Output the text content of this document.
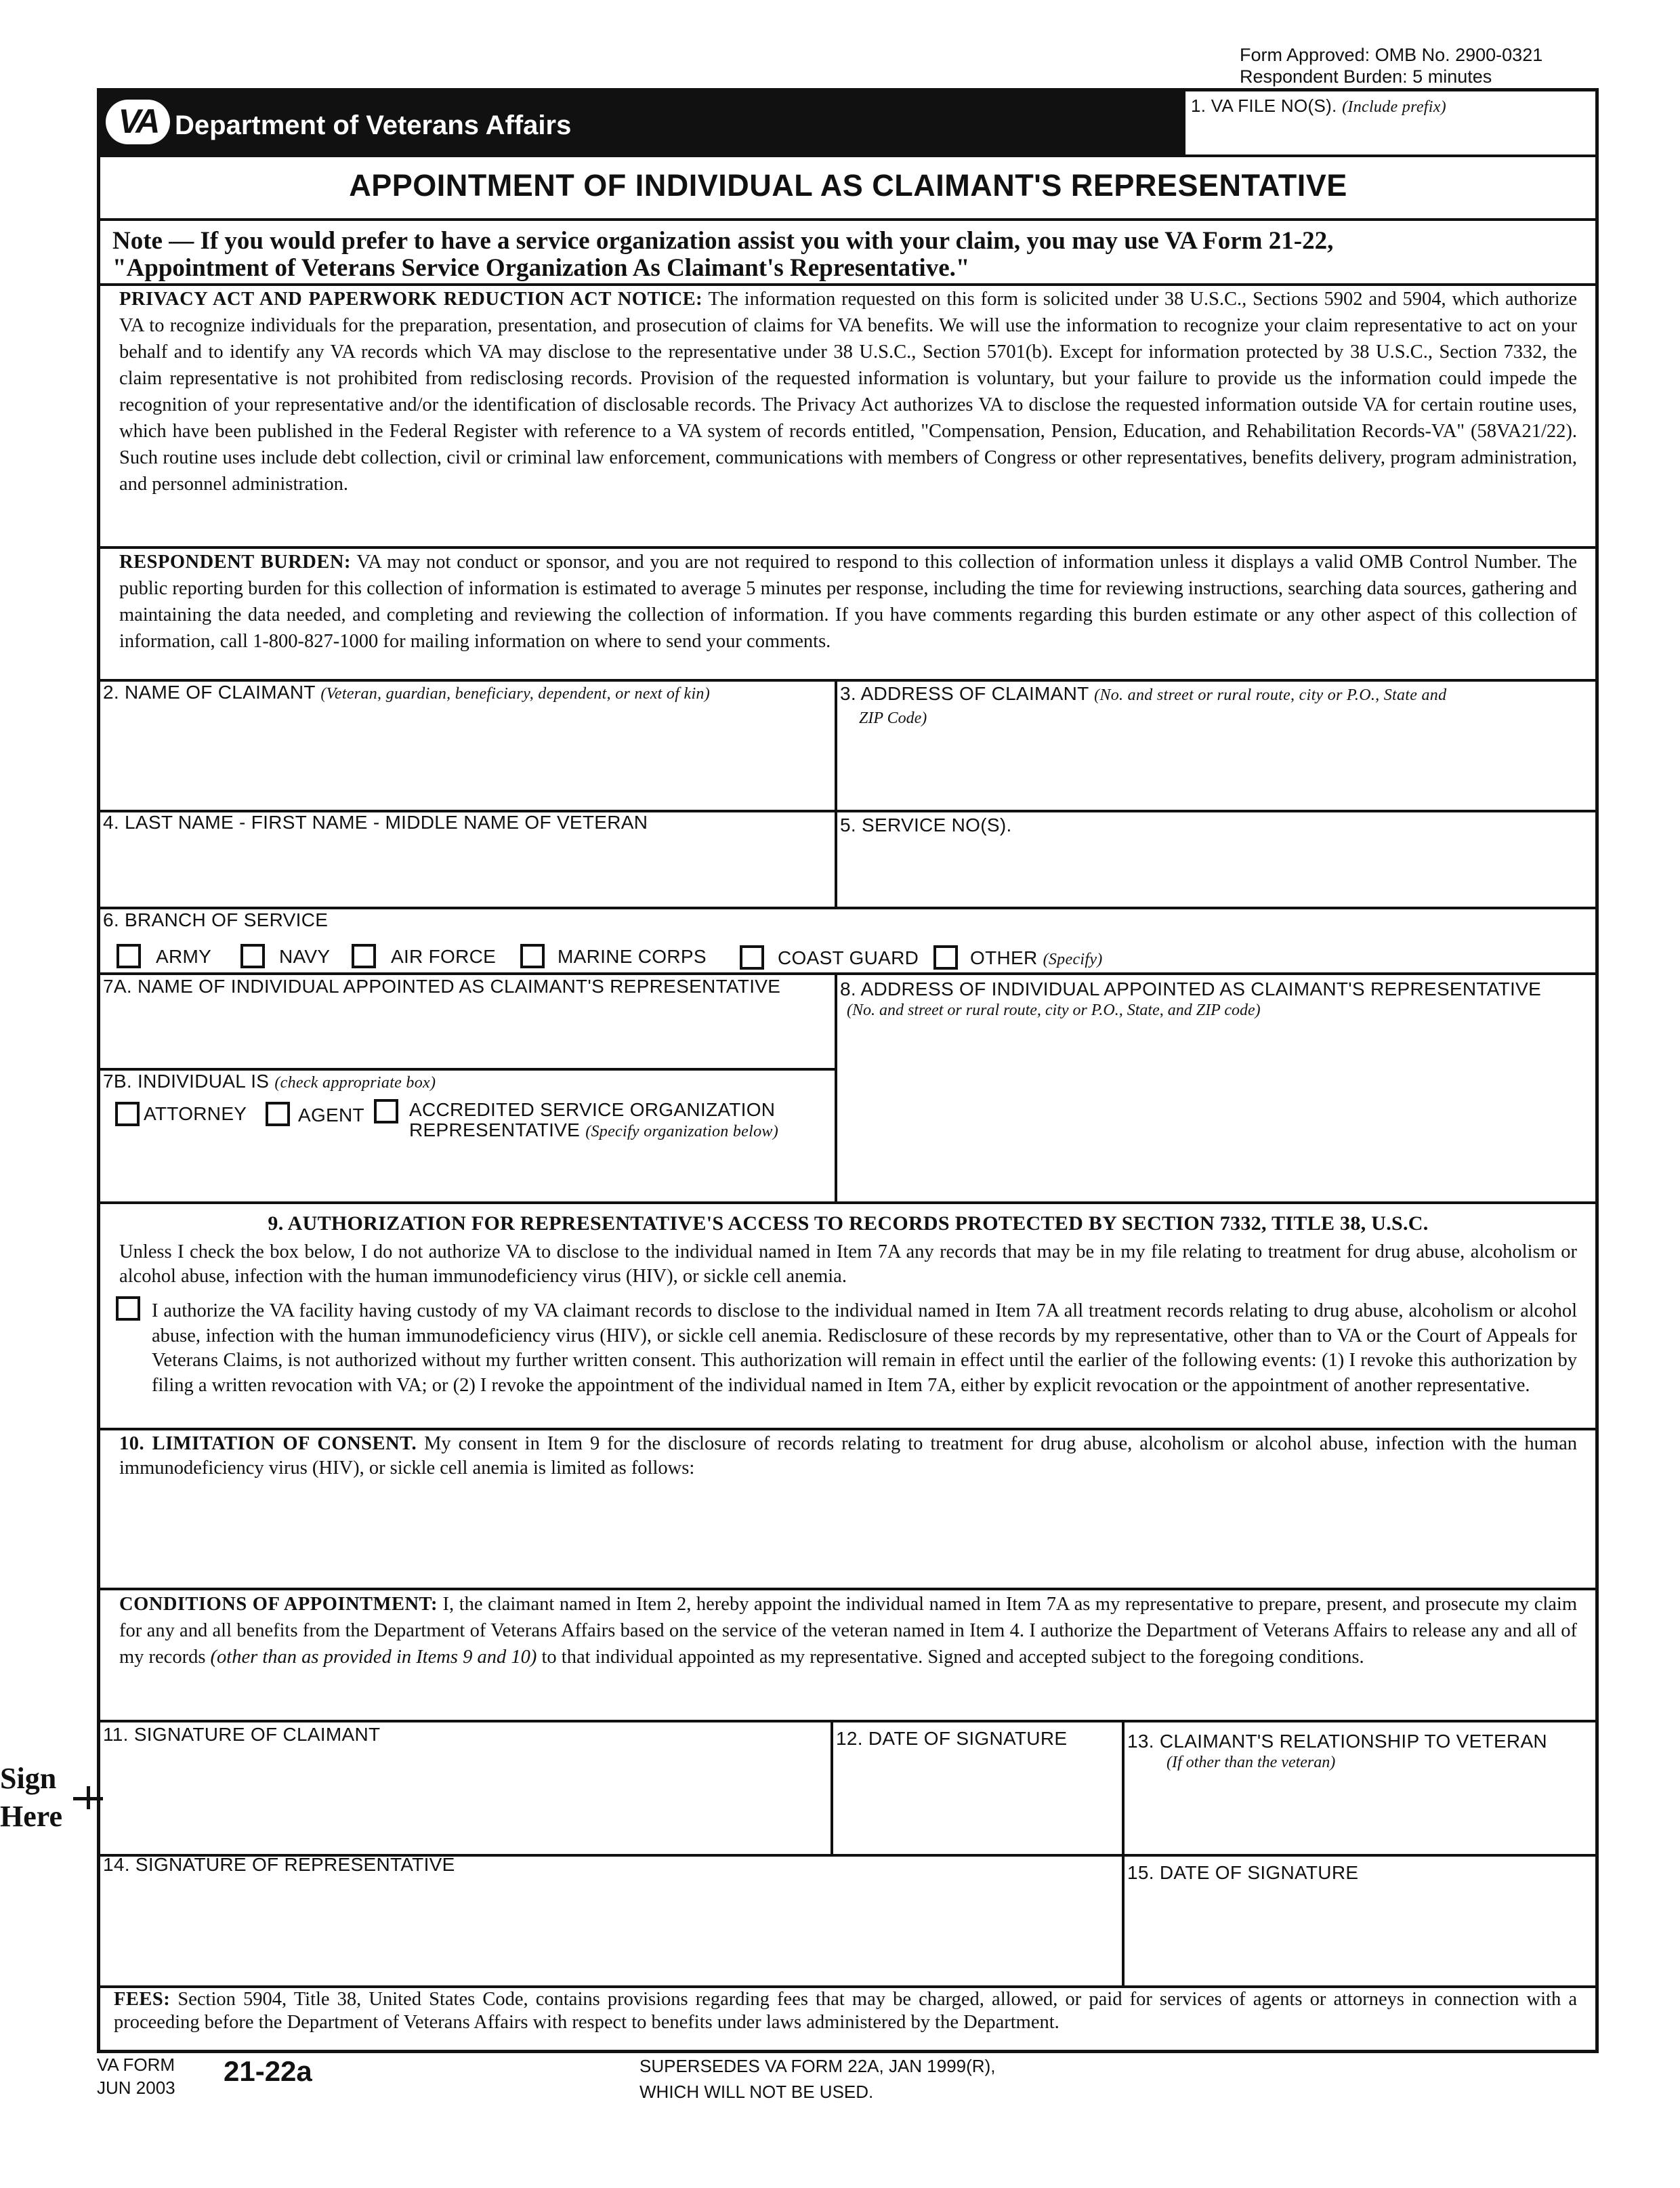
Form Approved: OMB No. 2900-0321
Respondent Burden: 5 minutes
VA Department of Veterans Affairs
1. VA FILE NO(S). (Include prefix)
APPOINTMENT OF INDIVIDUAL AS CLAIMANT'S REPRESENTATIVE
Note — If you would prefer to have a service organization assist you with your claim, you may use VA Form 21-22,
"Appointment of Veterans Service Organization As Claimant's Representative."
PRIVACY ACT AND PAPERWORK REDUCTION ACT NOTICE: The information requested on this form is solicited under 38 U.S.C., Sections 5902 and 5904, which authorize VA to recognize individuals for the preparation, presentation, and prosecution of claims for VA benefits. We will use the information to recognize your claim representative to act on your behalf and to identify any VA records which VA may disclose to the representative under 38 U.S.C., Section 5701(b). Except for information protected by 38 U.S.C., Section 7332, the claim representative is not prohibited from redisclosing records. Provision of the requested information is voluntary, but your failure to provide us the information could impede the recognition of your representative and/or the identification of disclosable records. The Privacy Act authorizes VA to disclose the requested information outside VA for certain routine uses, which have been published in the Federal Register with reference to a VA system of records entitled, "Compensation, Pension, Education, and Rehabilitation Records-VA" (58VA21/22). Such routine uses include debt collection, civil or criminal law enforcement, communications with members of Congress or other representatives, benefits delivery, program administration, and personnel administration.
RESPONDENT BURDEN: VA may not conduct or sponsor, and you are not required to respond to this collection of information unless it displays a valid OMB Control Number. The public reporting burden for this collection of information is estimated to average 5 minutes per response, including the time for reviewing instructions, searching data sources, gathering and maintaining the data needed, and completing and reviewing the collection of information. If you have comments regarding this burden estimate or any other aspect of this collection of information, call 1-800-827-1000 for mailing information on where to send your comments.
2. NAME OF CLAIMANT (Veteran, guardian, beneficiary, dependent, or next of kin)	3. ADDRESS OF CLAIMANT (No. and street or rural route, city or P.O., State and
ZIP Code)
4. LAST NAME - FIRST NAME - MIDDLE NAME OF VETERAN	5. SERVICE NO(S).
6. BRANCH OF SERVICE
ARMY	NAVY	AIR FORCE	MARINE CORPS	COAST GUARD	OTHER (Specify)
7A. NAME OF INDIVIDUAL APPOINTED AS CLAIMANT'S REPRESENTATIVE	8. ADDRESS OF INDIVIDUAL APPOINTED AS CLAIMANT'S REPRESENTATIVE
(No. and street or rural route, city or P.O., State, and ZIP code)
7B. INDIVIDUAL IS (check appropriate box)
ATTORNEY	AGENT ACCREDITED SERVICE ORGANIZATION
REPRESENTATIVE (Specify organization below)
9. AUTHORIZATION FOR REPRESENTATIVE'S ACCESS TO RECORDS PROTECTED BY SECTION 7332, TITLE 38, U.S.C.
Unless I check the box below, I do not authorize VA to disclose to the individual named in Item 7A any records that may be in my file relating to treatment for drug abuse, alcoholism or alcohol abuse, infection with the human immunodeficiency virus (HIV), or sickle cell anemia.
I authorize the VA facility having custody of my VA claimant records to disclose to the individual named in Item 7A all treatment records relating to drug abuse, alcoholism or alcohol abuse, infection with the human immunodeficiency virus (HIV), or sickle cell anemia. Redisclosure of these records by my representative, other than to VA or the Court of Appeals for Veterans Claims, is not authorized without my further written consent. This authorization will remain in effect until the earlier of the following events: (1) I revoke this authorization by filing a written revocation with VA; or (2) I revoke the appointment of the individual named in Item 7A, either by explicit revocation or the appointment of another representative.
10. LIMITATION OF CONSENT. My consent in Item 9 for the disclosure of records relating to treatment for drug abuse, alcoholism or alcohol abuse, infection with the human immunodeficiency virus (HIV), or sickle cell anemia is limited as follows:
CONDITIONS OF APPOINTMENT: I, the claimant named in Item 2, hereby appoint the individual named in Item 7A as my representative to prepare, present, and prosecute my claim for any and all benefits from the Department of Veterans Affairs based on the service of the veteran named in Item 4. I authorize the Department of Veterans Affairs to release any and all of my records (other than as provided in Items 9 and 10) to that individual appointed as my representative. Signed and accepted subject to the foregoing conditions.
11. SIGNATURE OF CLAIMANT	12. DATE OF SIGNATURE	13. CLAIMANT'S RELATIONSHIP TO VETERAN
(If other than the veteran)
14. SIGNATURE OF REPRESENTATIVE	15. DATE OF SIGNATURE
FEES: Section 5904, Title 38, United States Code, contains provisions regarding fees that may be charged, allowed, or paid for services of agents or attorneys in connection with a proceeding before the Department of Veterans Affairs with respect to benefits under laws administered by the Department.
Sign
Here
VA FORM
JUN 2003
21-22a	SUPERSEDES VA FORM 22A, JAN 1999(R),
WHICH WILL NOT BE USED.
